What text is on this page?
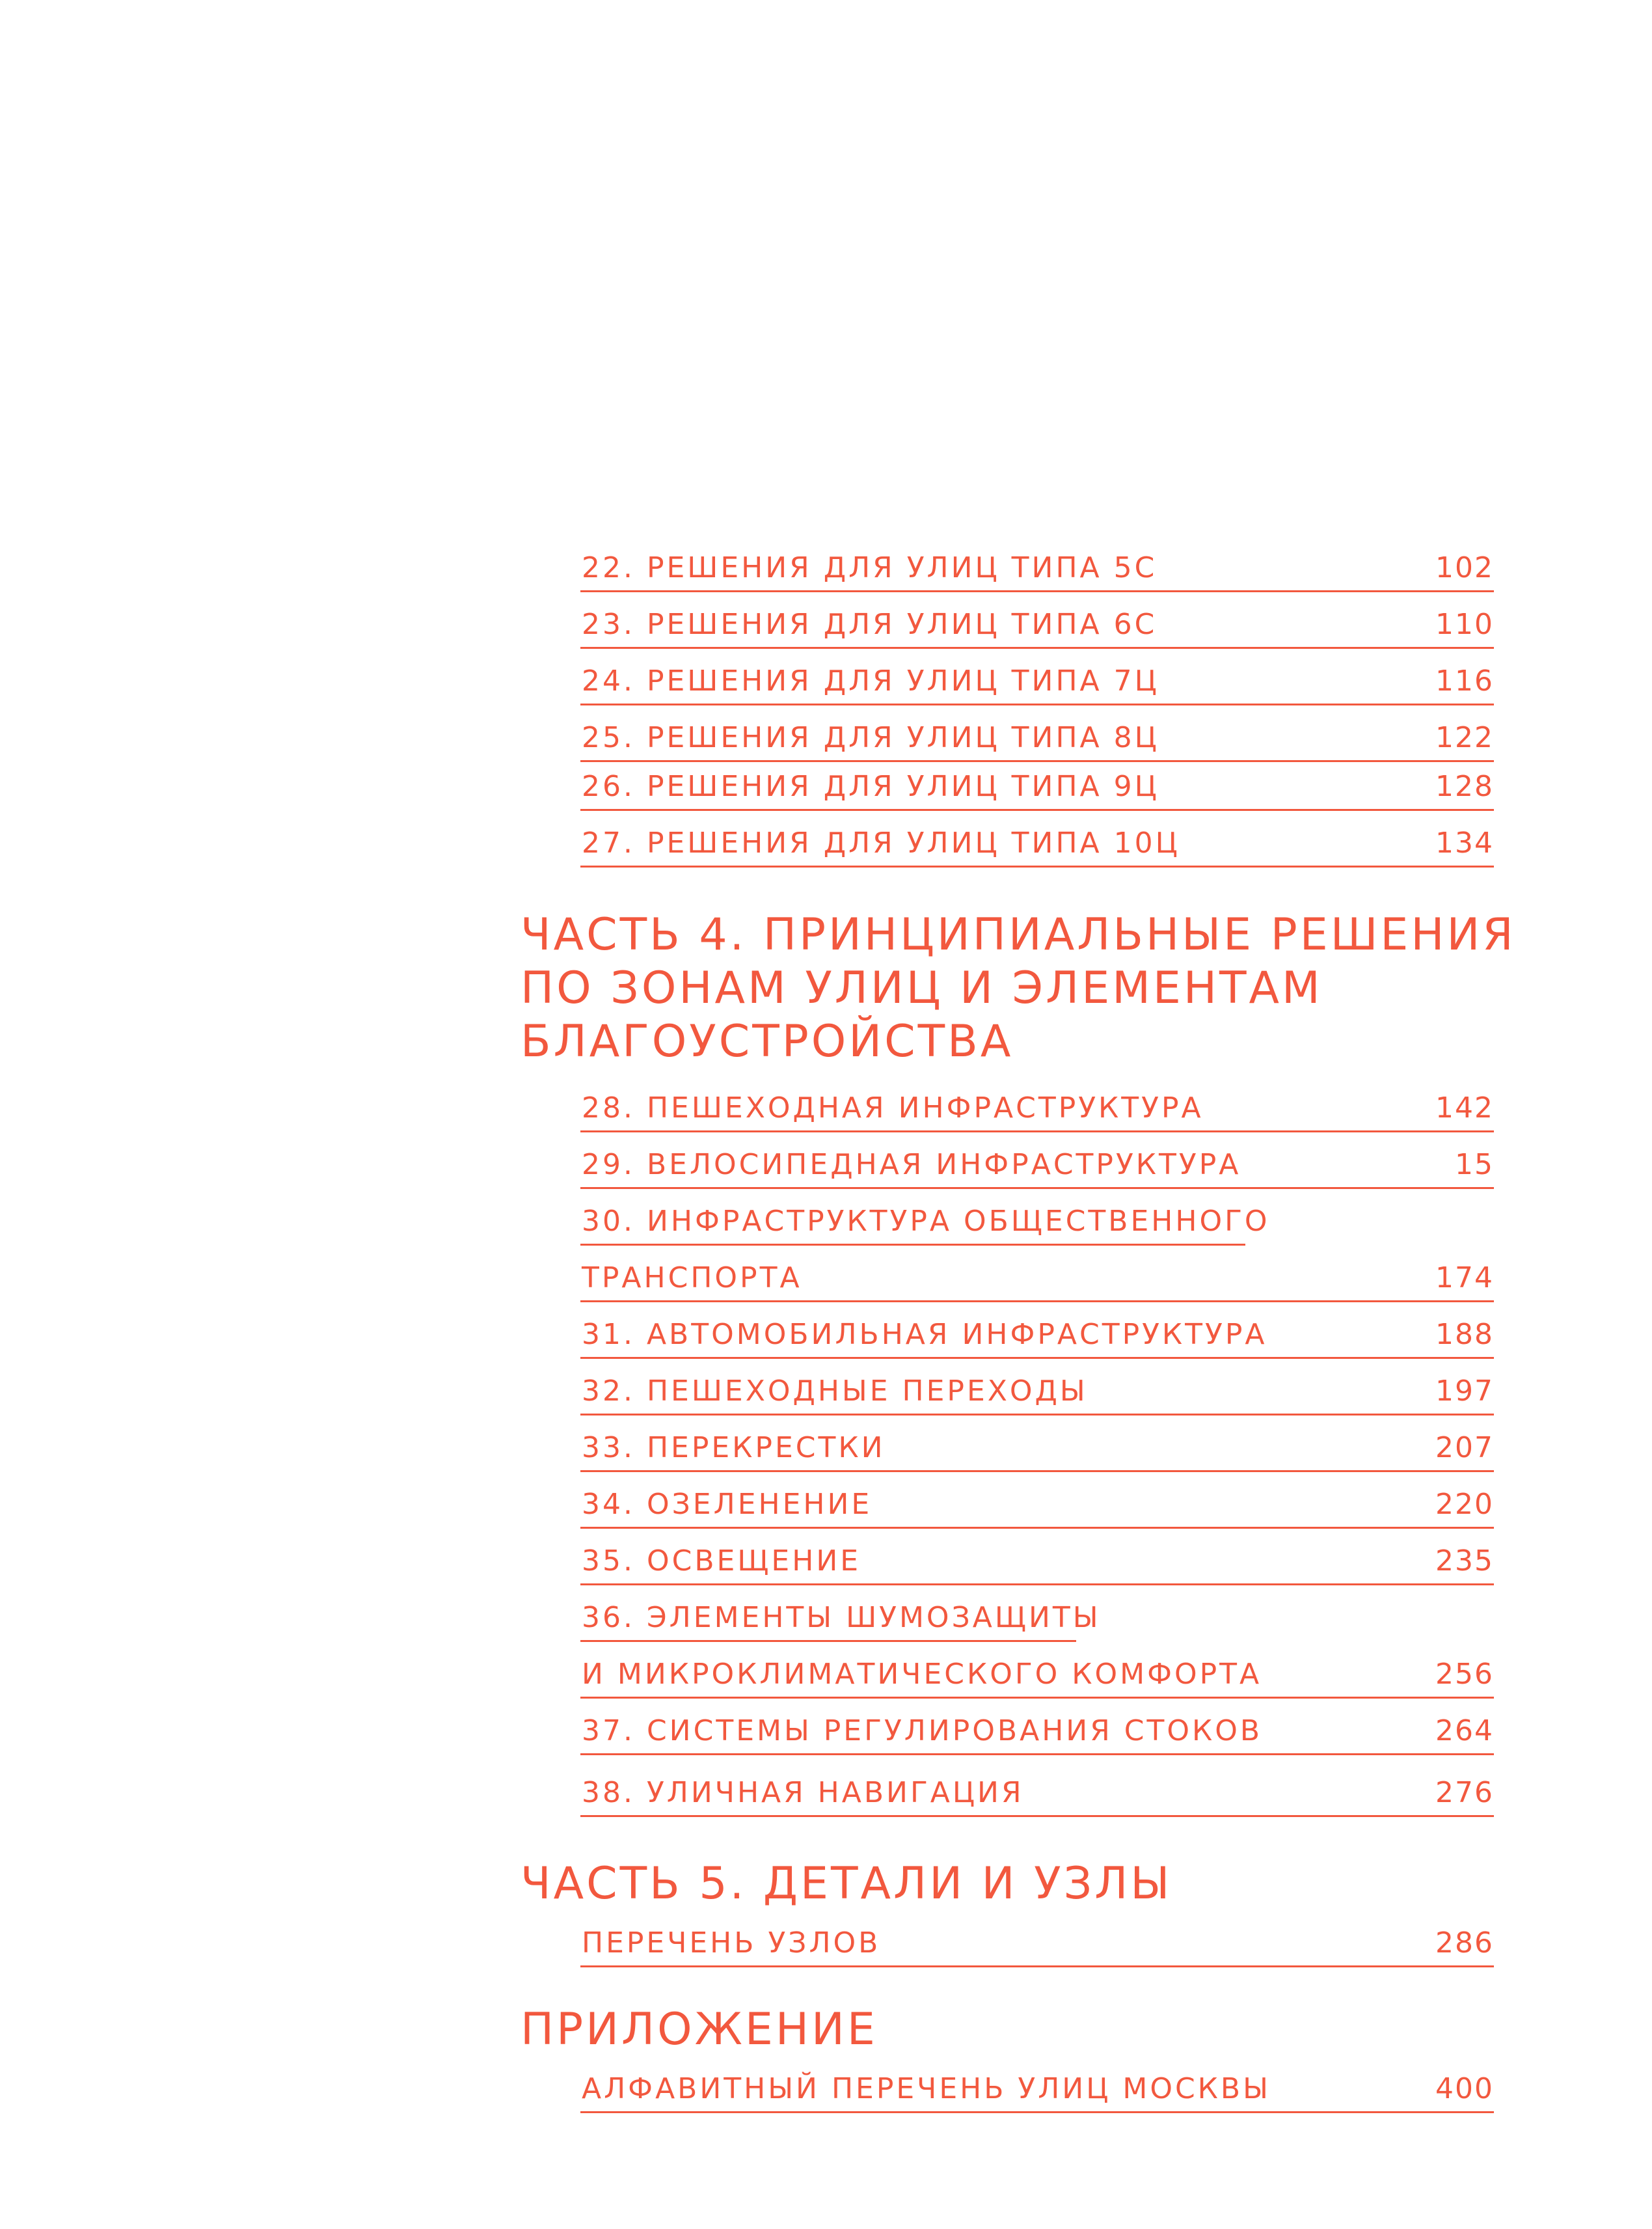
22. РЕШЕНИЯ ДЛЯ УЛИЦ ТИПА 5С	102
23. РЕШЕНИЯ ДЛЯ УЛИЦ ТИПА 6С	110
24. РЕШЕНИЯ ДЛЯ УЛИЦ ТИПА 7Ц	116
25. РЕШЕНИЯ ДЛЯ УЛИЦ ТИПА 8Ц	122
26. РЕШЕНИЯ ДЛЯ УЛИЦ ТИПА 9Ц	128
27. РЕШЕНИЯ ДЛЯ УЛИЦ ТИПА 10Ц	134
ЧАСТЬ 4. ПРИНЦИПИАЛЬНЫЕ РЕШЕНИЯ
ПО ЗОНАМ УЛИЦ И ЭЛЕМЕНТАМ
БЛАГОУСТРОЙСТВА
28. ПЕШЕХОДНАЯ ИНФРАСТРУКТУРА	142
29. ВЕЛОСИПЕДНАЯ ИНФРАСТРУКТУРА	15
30. ИНФРАСТРУКТУРА ОБЩЕСТВЕННОГО
ТРАНСПОРТА	174
31. АВТОМОБИЛЬНАЯ ИНФРАСТРУКТУРА	188
32. ПЕШЕХОДНЫЕ ПЕРЕХОДЫ	197
33. ПЕРЕКРЕСТКИ	207
34. ОЗЕЛЕНЕНИЕ	220
35. ОСВЕЩЕНИЕ	235
36. ЭЛЕМЕНТЫ ШУМОЗАЩИТЫ
И МИКРОКЛИМАТИЧЕСКОГО КОМФОРТА	256
37. СИСТЕМЫ РЕГУЛИРОВАНИЯ СТОКОВ	264
38. УЛИЧНАЯ НАВИГАЦИЯ	276
ЧАСТЬ 5. ДЕТАЛИ И УЗЛЫ
ПЕРЕЧЕНЬ УЗЛОВ	286
ПРИЛОЖЕНИЕ
АЛФАВИТНЫЙ ПЕРЕЧЕНЬ УЛИЦ МОСКВЫ	400
